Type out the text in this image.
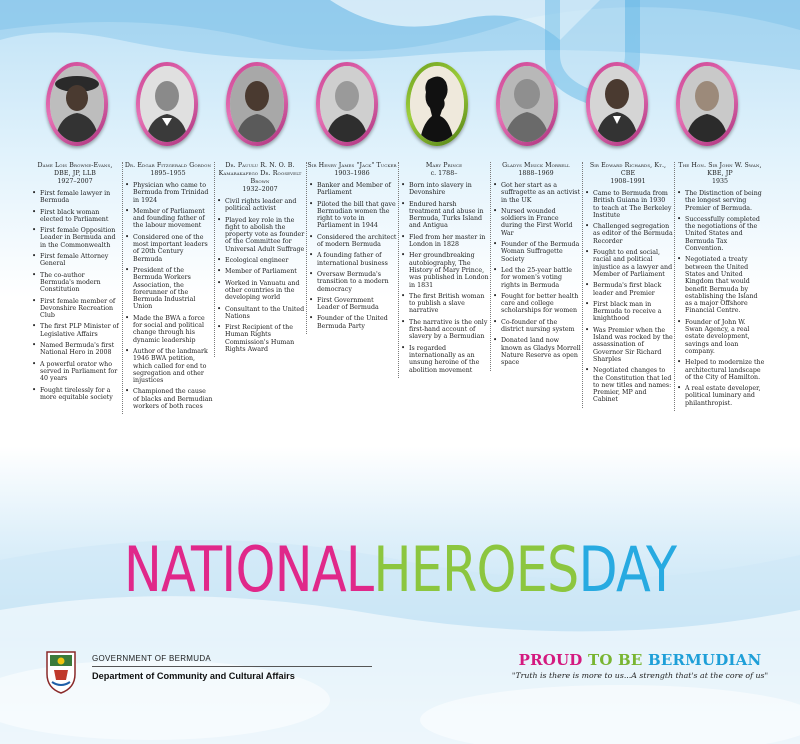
Dame Lois Browne-Evans, DBE, JP, LLB
1927–2007
• First female lawyer in Bermuda
• First black woman elected to Parliament
• First female Opposition Leader in Bermuda and in the Commonwealth
• First female Attorney General
• The co-author Bermuda's modern Constitution
• First female member of Devonshire Recreation Club
• The first PLP Minister of Legislative Affairs
• Named Bermuda's first National Hero in 2008
• A powerful orator who served in Parliament for 40 years
• Fought tirelessly for a more equitable society
Dr. Edgar Fitzgerald Gordon
1895–1955
• Physician who came to Bermuda from Trinidad in 1924
• Member of Parliament and founding father of the labour movement
• Considered one of the most important leaders of 20th Century Bermuda
• President of the Bermuda Workers Association, the forerunner of the Bermuda Industrial Union
• Made the BWA a force for social and political change through his dynamic leadership
• Author of the landmark 1946 BWA petition, which called for end to segregation and other injustices
• Championed the cause of blacks and Bermudian workers of both races
Dr. Pauulu R. N. O. B. Kamarakafego Dr. Roosevelt Brown
1932–2007
• Civil rights leader and political activist
• Played key role in the fight to abolish the property vote as founder of the Committee for Universal Adult Suffrage
• Ecological engineer
• Member of Parliament
• Worked in Vanuatu and other countries in the developing world
• Consultant to the United Nations
• First Recipient of the Human Rights Commission's Human Rights Award
Sir Henry James "Jack" Tucker
1903–1986
• Banker and Member of Parliament
• Piloted the bill that gave Bermudian women the right to vote in Parliament in 1944
• Considered the architect of modern Bermuda
• A founding father of international business
• Oversaw Bermuda's transition to a modern democracy
• First Government Leader of Bermuda
• Founder of the United Bermuda Party
Mary Prince
c. 1788–
• Born into slavery in Devonshire
• Endured harsh treatment and abuse in Bermuda, Turks Island and Antigua
• Fled from her master in London in 1828
• Her groundbreaking autobiography, The History of Mary Prince, was published in London in 1831
• The first British woman to publish a slave narrative
• The narrative is the only first-hand account of slavery by a Bermudian
• Is regarded internationally as an unsung heroine of the abolition movement
Gladys Misick Morrell
1888–1969
• Got her start as a suffragette as an activist in the UK
• Nursed wounded soldiers in France during the First World War
• Founder of the Bermuda Woman Suffragette Society
• Led the 25-year battle for women's voting rights in Bermuda
• Fought for better health care and college scholarships for women
• Co-founder of the district nursing system
• Donated land now known as Gladys Morrell Nature Reserve as open space
Sir Edward Richards, Kt., CBE
1908–1991
• Came to Bermuda from British Guiana in 1930 to teach at The Berkeley Institute
• Challenged segregation as editor of the Bermuda Recorder
• Fought to end social, racial and political injustice as a lawyer and Member of Parliament
• Bermuda's first black leader and Premier
• First black man in Bermuda to receive a knighthood
• Was Premier when the Island was rocked by the assassination of Governor Sir Richard Sharples
• Negotiated changes to the Constitution that led to new titles and names: Premier, MP and Cabinet
The Hon. Sir John W. Swan, KBE, JP
1935
• The Distinction of being the longest serving Premier of Bermuda.
• Successfully completed the negotiations of the United States and Bermuda Tax Convention.
• Negotiated a treaty between the United States and United Kingdom that would benefit Bermuda by establishing the Island as a major Offshore Financial Centre.
• Founder of John W. Swan Agency, a real estate development, savings and loan company.
• Helped to modernize the architectural landscape of the City of Hamilton.
• A real estate developer, political luminary and philanthropist.
NATIONALHEROESDAY
GOVERNMENT OF BERMUDA
Department of Community and Cultural Affairs
PROUD TO BE BERMUDIAN
"Truth is there is more to us...A strength that's at the core of us"
